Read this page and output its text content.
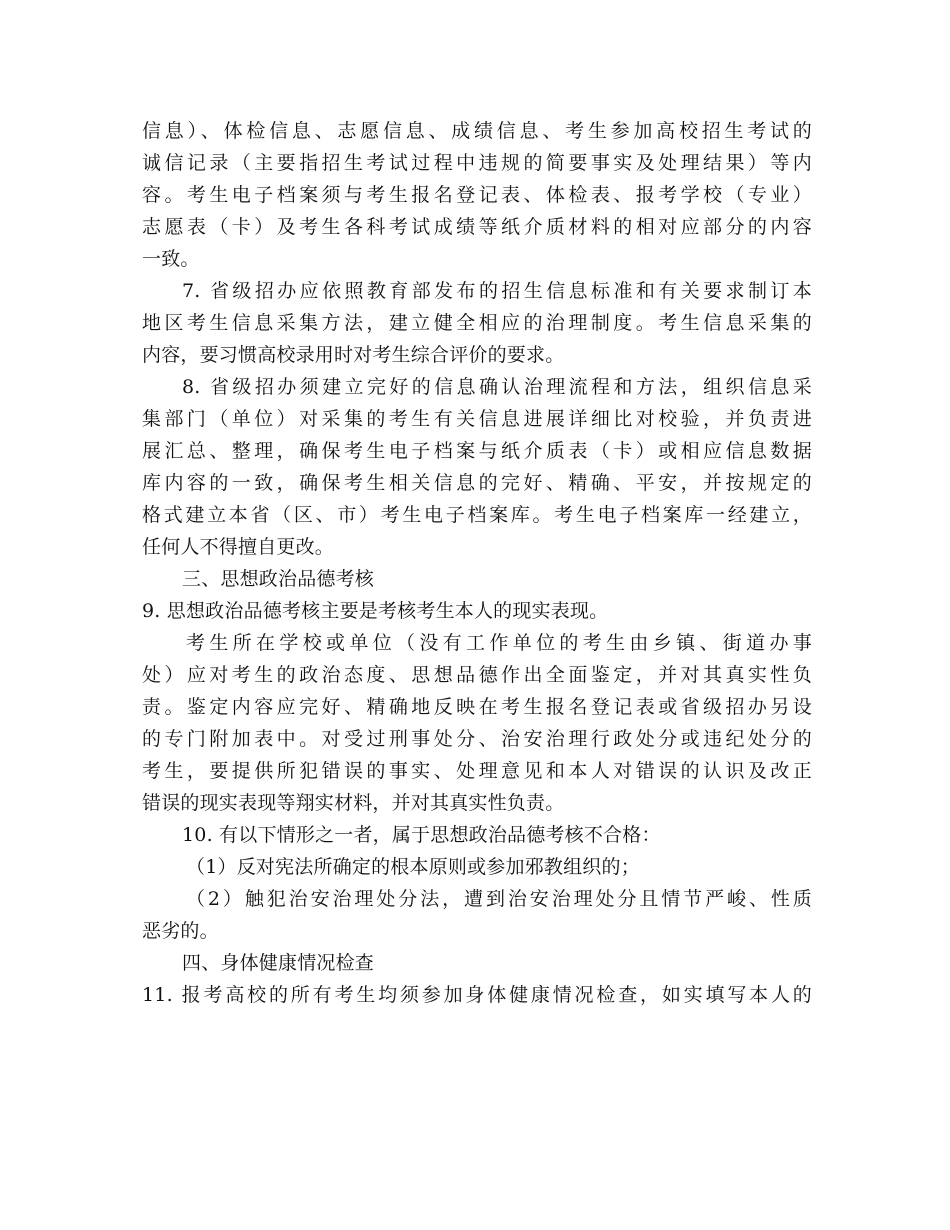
信息）、体检信息、志愿信息、成绩信息、考生参加高校招生考试的
诚信记录（主要指招生考试过程中违规的简要事实及处理结果）等内
容。考生电子档案须与考生报名登记表、体检表、报考学校（专业）
志愿表（卡）及考生各科考试成绩等纸介质材料的相对应部分的内容
一致。
7. 省级招办应依照教育部发布的招生信息标准和有关要求制订本
地区考生信息采集方法，建立健全相应的治理制度。考生信息采集的
内容，要习惯高校录用时对考生综合评价的要求。
8. 省级招办须建立完好的信息确认治理流程和方法，组织信息采
集部门（单位）对采集的考生有关信息进展详细比对校验，并负责进
展汇总、整理，确保考生电子档案与纸介质表（卡）或相应信息数据
库内容的一致，确保考生相关信息的完好、精确、平安，并按规定的
格式建立本省（区、市）考生电子档案库。考生电子档案库一经建立，
任何人不得擅自更改。
三、思想政治品德考核
9. 思想政治品德考核主要是考核考生本人的现实表现。
考生所在学校或单位（没有工作单位的考生由乡镇、街道办事
处）应对考生的政治态度、思想品德作出全面鉴定，并对其真实性负
责。鉴定内容应完好、精确地反映在考生报名登记表或省级招办另设
的专门附加表中。对受过刑事处分、治安治理行政处分或违纪处分的
考生，要提供所犯错误的事实、处理意见和本人对错误的认识及改正
错误的现实表现等翔实材料，并对其真实性负责。
10. 有以下情形之一者，属于思想政治品德考核不合格：
（1）反对宪法所确定的根本原则或参加邪教组织的；
（2）触犯治安治理处分法，遭到治安治理处分且情节严峻、性质
恶劣的。
四、身体健康情况检查
11. 报考高校的所有考生均须参加身体健康情况检查，如实填写本人的
